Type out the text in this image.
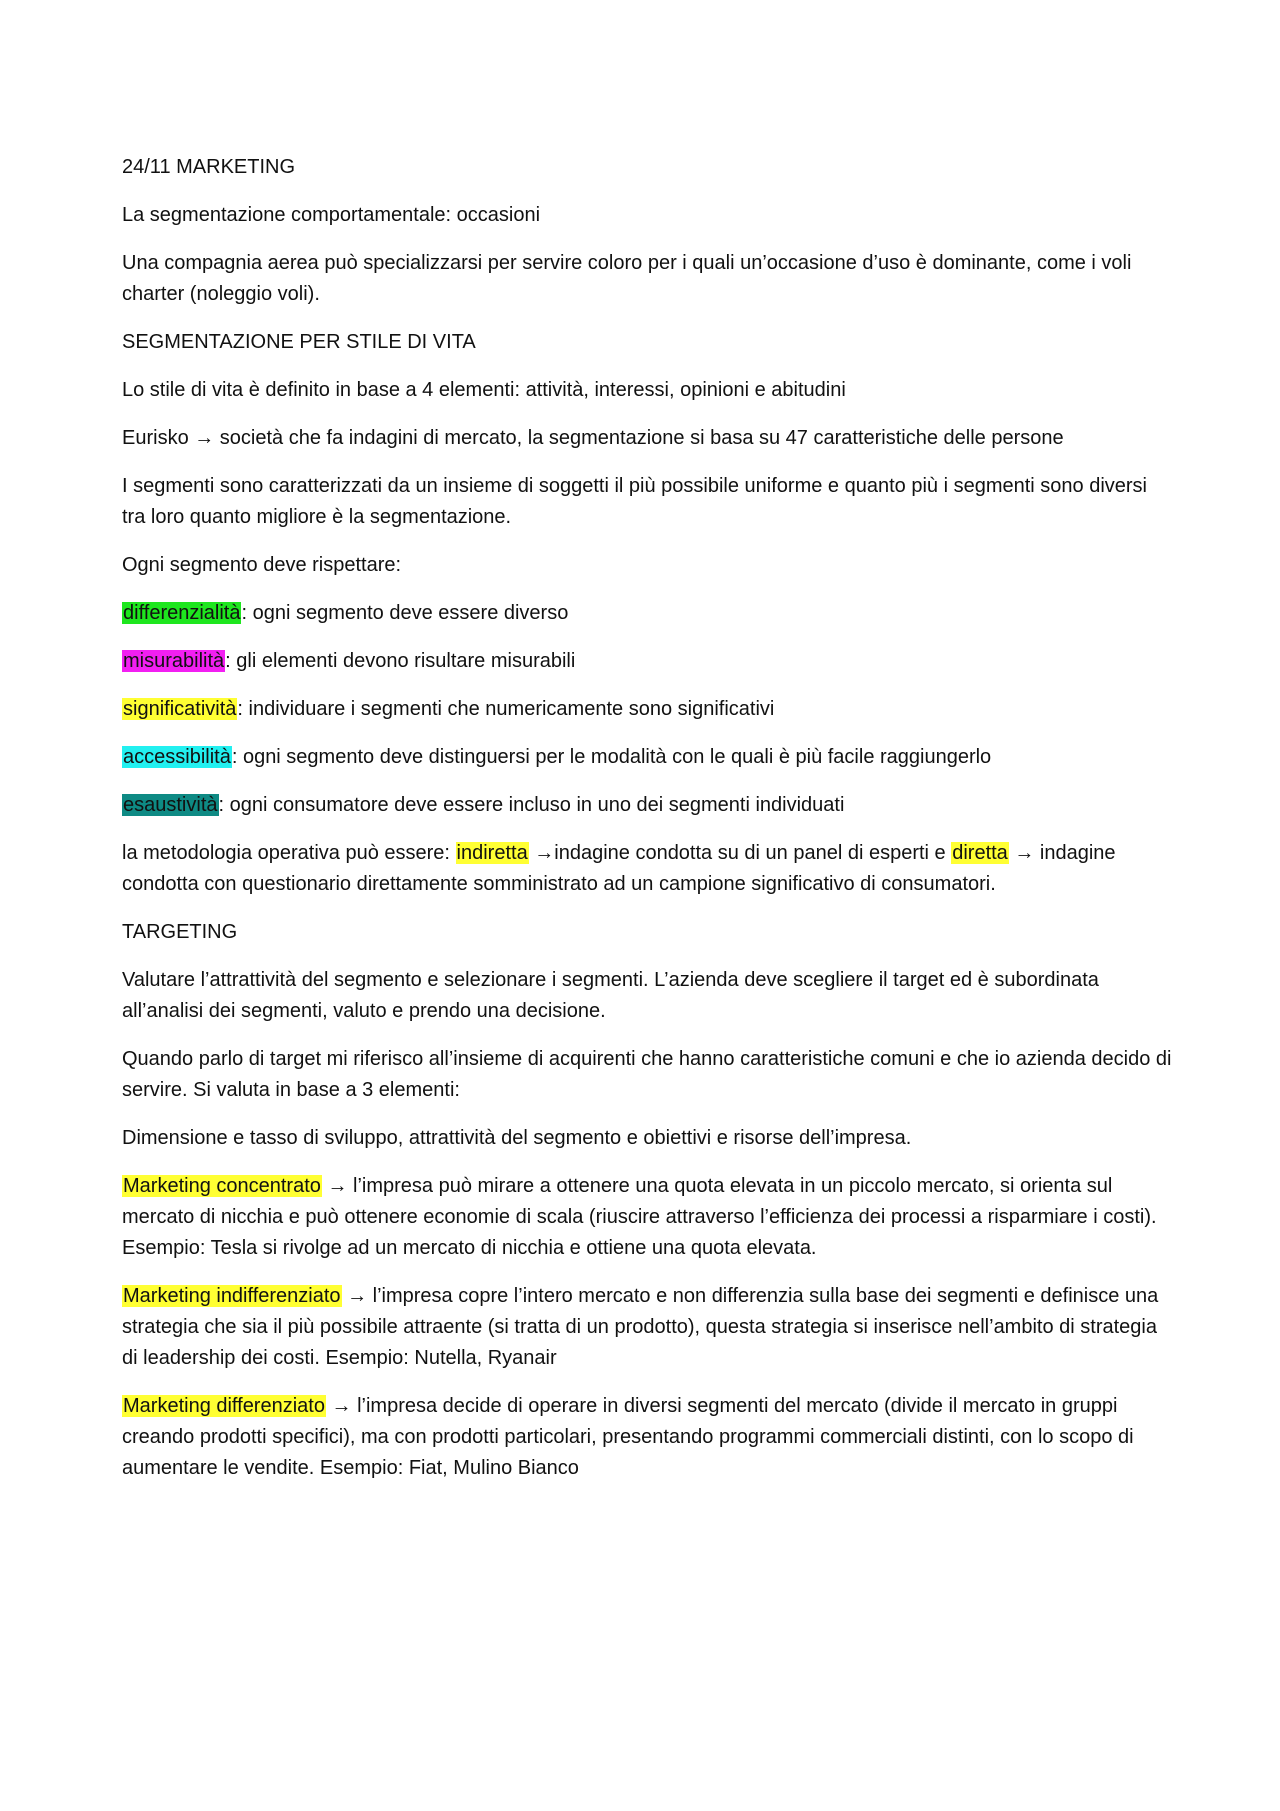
24/11 MARKETING

La segmentazione comportamentale: occasioni

Una compagnia aerea può specializzarsi per servire coloro per i quali un’occasione d’uso è dominante, come i voli charter (noleggio voli).

SEGMENTAZIONE PER STILE DI VITA

Lo stile di vita è definito in base a 4 elementi: attività, interessi, opinioni e abitudini

Eurisko → società che fa indagini di mercato, la segmentazione si basa su 47 caratteristiche delle persone

I segmenti sono caratterizzati da un insieme di soggetti il più possibile uniforme e quanto più i segmenti sono diversi tra loro quanto migliore è la segmentazione.

Ogni segmento deve rispettare:

differenzialità: ogni segmento deve essere diverso

misurabilità: gli elementi devono risultare misurabili

significatività: individuare i segmenti che numericamente sono significativi

accessibilità: ogni segmento deve distinguersi per le modalità con le quali è più facile raggiungerlo

esaustività: ogni consumatore deve essere incluso in uno dei segmenti individuati

la metodologia operativa può essere: indiretta →indagine condotta su di un panel di esperti e diretta → indagine condotta con questionario direttamente somministrato ad un campione significativo di consumatori.

TARGETING

Valutare l’attrattività del segmento e selezionare i segmenti. L’azienda deve scegliere il target ed è subordinata all’analisi dei segmenti, valuto e prendo una decisione.

Quando parlo di target mi riferisco all’insieme di acquirenti che hanno caratteristiche comuni e che io azienda decido di servire. Si valuta in base a 3 elementi:

Dimensione e tasso di sviluppo, attrattività del segmento e obiettivi e risorse dell’impresa.

Marketing concentrato → l’impresa può mirare a ottenere una quota elevata in un piccolo mercato, si orienta sul mercato di nicchia e può ottenere economie di scala (riuscire attraverso l’efficienza dei processi a risparmiare i costi). Esempio: Tesla si rivolge ad un mercato di nicchia e ottiene una quota elevata.

Marketing indifferenziato → l’impresa copre l’intero mercato e non differenzia sulla base dei segmenti e definisce una strategia che sia il più possibile attraente (si tratta di un prodotto), questa strategia si inserisce nell’ambito di strategia di leadership dei costi. Esempio: Nutella, Ryanair

Marketing differenziato → l’impresa decide di operare in diversi segmenti del mercato (divide il mercato in gruppi creando prodotti specifici), ma con prodotti particolari, presentando programmi commerciali distinti, con lo scopo di aumentare le vendite. Esempio: Fiat, Mulino Bianco
